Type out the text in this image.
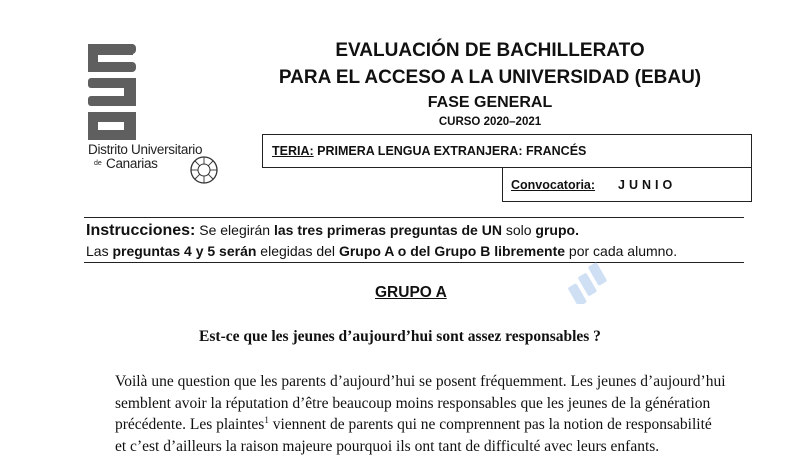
Distrito Universitario
de Canarias
EVALUACIÓN DE BACHILLERATO
PARA EL ACCESO A LA UNIVERSIDAD (EBAU)
FASE GENERAL
CURSO 2020–2021
TERIA: PRIMERA LENGUA EXTRANJERA: FRANCÉS
Convocatoria: JUNIO
Instrucciones: Se elegirán las tres primeras preguntas de UN solo grupo.
Las preguntas 4 y 5 serán elegidas del Grupo A o del Grupo B libremente por cada alumno.
GRUPO A
Est-ce que les jeunes d’aujourd’hui sont assez responsables ?
Voilà une question que les parents d’aujourd’hui se posent fréquemment. Les jeunes d’aujourd’hui
semblent avoir la réputation d’être beaucoup moins responsables que les jeunes de la génération
précédente. Les plaintes$^1$ viennent de parents qui ne comprennent pas la notion de responsabilité
et c’est d’ailleurs la raison majeure pourquoi ils ont tant de difficulté avec leurs enfants.
